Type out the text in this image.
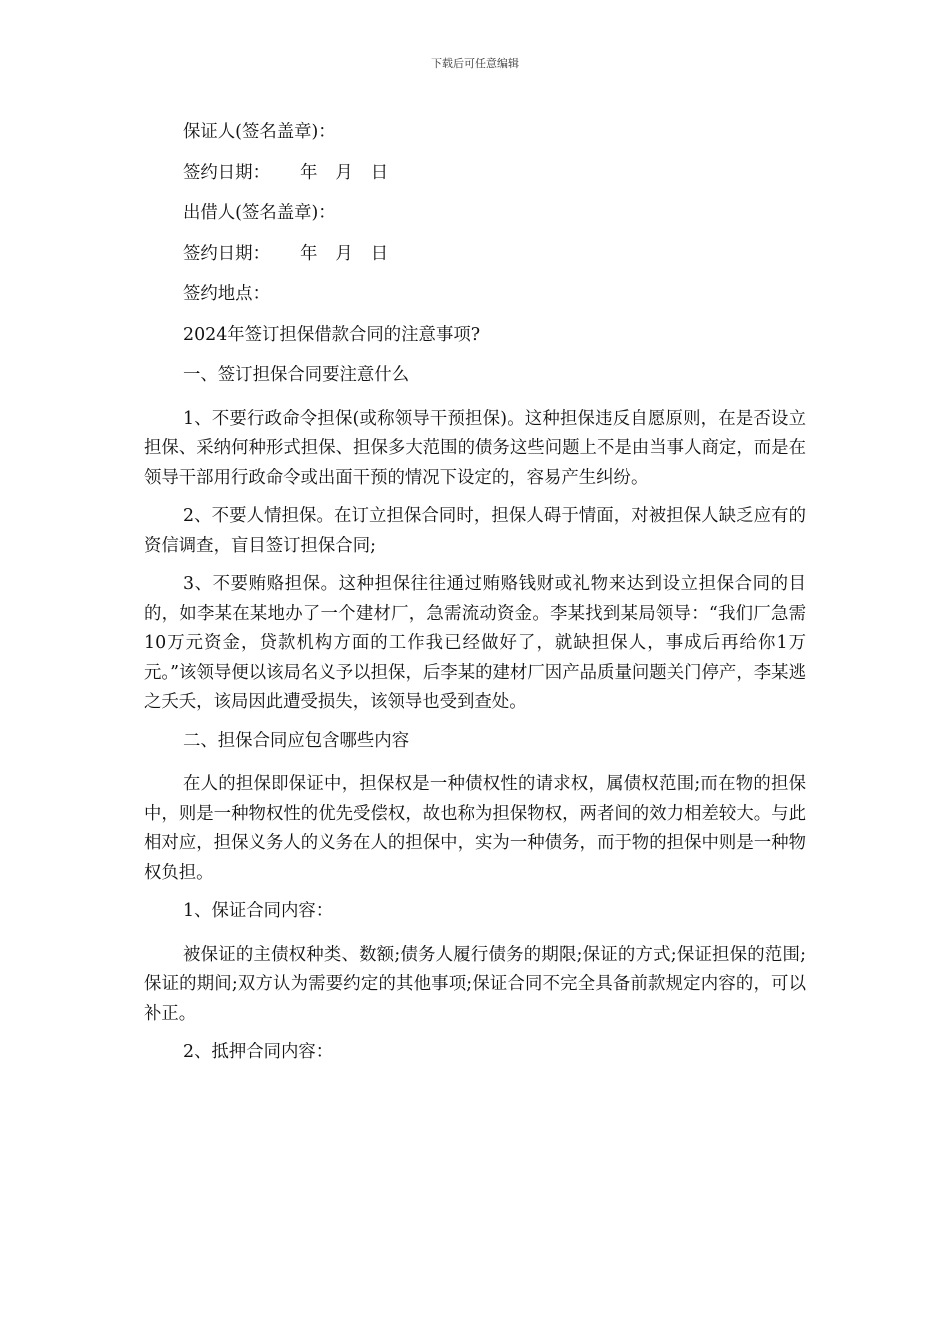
下载后可任意编辑
保证人(签名盖章)：
签约日期： 年 月 日
出借人(签名盖章)：
签约日期： 年 月 日
签约地点：
2024年签订担保借款合同的注意事项?
一、签订担保合同要注意什么

1、不要行政命令担保(或称领导干预担保)。这种担保违反自愿原则，在是否设立担保、采纳何种形式担保、担保多大范围的债务这些问题上不是由当事人商定，而是在领导干部用行政命令或出面干预的情况下设定的，容易产生纠纷。

2、不要人情担保。在订立担保合同时，担保人碍于情面，对被担保人缺乏应有的资信调查，盲目签订担保合同;

3、不要贿赂担保。这种担保往往通过贿赂钱财或礼物来达到设立担保合同的目的，如李某在某地办了一个建材厂，急需流动资金。李某找到某局领导：“我们厂急需 10万元资金，贷款机构方面的工作我已经做好了，就缺担保人，事成后再给你1万元。”该领导便以该局名义予以担保，后李某的建材厂因产品质量问题关门停产，李某逃之夭夭，该局因此遭受损失，该领导也受到查处。

二、担保合同应包含哪些内容

在人的担保即保证中，担保权是一种债权性的请求权，属债权范围;而在物的担保中，则是一种物权性的优先受偿权，故也称为担保物权，两者间的效力相差较大。与此相对应，担保义务人的义务在人的担保中，实为一种债务，而于物的担保中则是一种物权负担。

1、保证合同内容：

被保证的主债权种类、数额;债务人履行债务的期限;保证的方式;保证担保的范围;保证的期间;双方认为需要约定的其他事项;保证合同不完全具备前款规定内容的，可以补正。

2、抵押合同内容：
